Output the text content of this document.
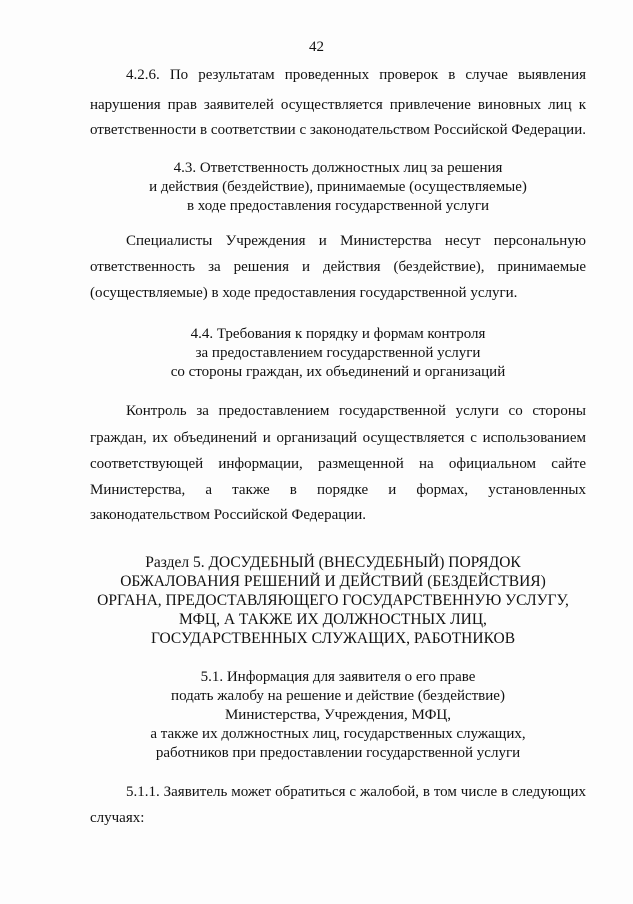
42
4.2.6. По результатам проведенных проверок в случае выявления
нарушения прав заявителей осуществляется привлечение виновных лиц к
ответственности в соответствии с законодательством Российской Федерации.
4.3. Ответственность должностных лиц за решения
и действия (бездействие), принимаемые (осуществляемые)
в ходе предоставления государственной услуги
Специалисты Учреждения и Министерства несут персональную
ответственность за решения и действия (бездействие), принимаемые
(осуществляемые) в ходе предоставления государственной услуги.
4.4. Требования к порядку и формам контроля
за предоставлением государственной услуги
со стороны граждан, их объединений и организаций
Контроль за предоставлением государственной услуги со стороны
граждан, их объединений и организаций осуществляется с использованием
соответствующей информации, размещенной на официальном сайте
Министерства, а также в порядке и формах, установленных
законодательством Российской Федерации.
Раздел 5. ДОСУДЕБНЫЙ (ВНЕСУДЕБНЫЙ) ПОРЯДОК
ОБЖАЛОВАНИЯ РЕШЕНИЙ И ДЕЙСТВИЙ (БЕЗДЕЙСТВИЯ)
ОРГАНА, ПРЕДОСТАВЛЯЮЩЕГО ГОСУДАРСТВЕННУЮ УСЛУГУ,
МФЦ, А ТАКЖЕ ИХ ДОЛЖНОСТНЫХ ЛИЦ,
ГОСУДАРСТВЕННЫХ СЛУЖАЩИХ, РАБОТНИКОВ
5.1. Информация для заявителя о его праве
подать жалобу на решение и действие (бездействие)
Министерства, Учреждения, МФЦ,
а также их должностных лиц, государственных служащих,
работников при предоставлении государственной услуги
5.1.1. Заявитель может обратиться с жалобой, в том числе в следующих
случаях:
